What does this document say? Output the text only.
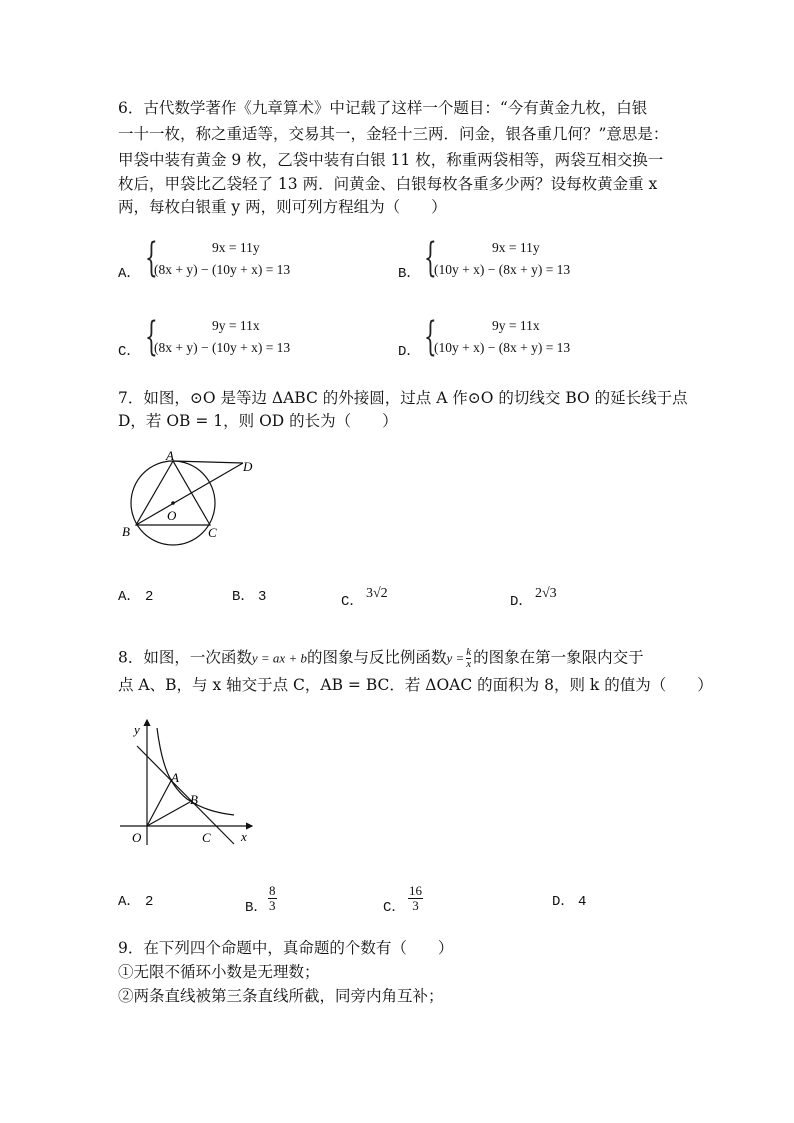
6．古代数学著作《九章算术》中记载了这样一个题目：“今有黄金九枚，白银
一十一枚，称之重适等，交易其一，金轻十三两．问金，银各重几何？”意思是：
甲袋中装有黄金 9 枚，乙袋中装有白银 11 枚，称重两袋相等，两袋互相交换一
枚后，甲袋比乙袋轻了 13 两．问黄金、白银每枚各重多少两？设每枚黄金重 x
两，每枚白银重 y 两，则可列方程组为（　　）
A． {	9x = 11y
(8x + y) − (10y + x) = 13	B． {	9x = 11y
(10y + x) − (8x + y) = 13
C． {	9y = 11x
(8x + y) − (10y + x) = 13	D． {	9y = 11x
(10y + x) − (8x + y) = 13
7．如图，⊙O 是等边 ΔABC 的外接圆，过点 A 作⊙O 的切线交 BO 的延长线于点
D，若 OB = 1，则 OD 的长为（　　）
A
B	C
D
O
A． 2	B． 3	C．
3√2
D．
2√3
8．如图，一次函数y = ax + b的图象与反比例函数$y = \frac{k}{x}$ 的图象在第一象限内交于
点 A、B，与 x 轴交于点 C，AB = BC．若 ΔOAC 的面积为 8，则 k 的值为（　　）
y
x
O
A
B
C
A． 2	B． $\frac{8}{3}$	C． $\frac{16}{3}$	D． 4
9．在下列四个命题中，真命题的个数有（　　）
①无限不循环小数是无理数；
②两条直线被第三条直线所截，同旁内角互补；
